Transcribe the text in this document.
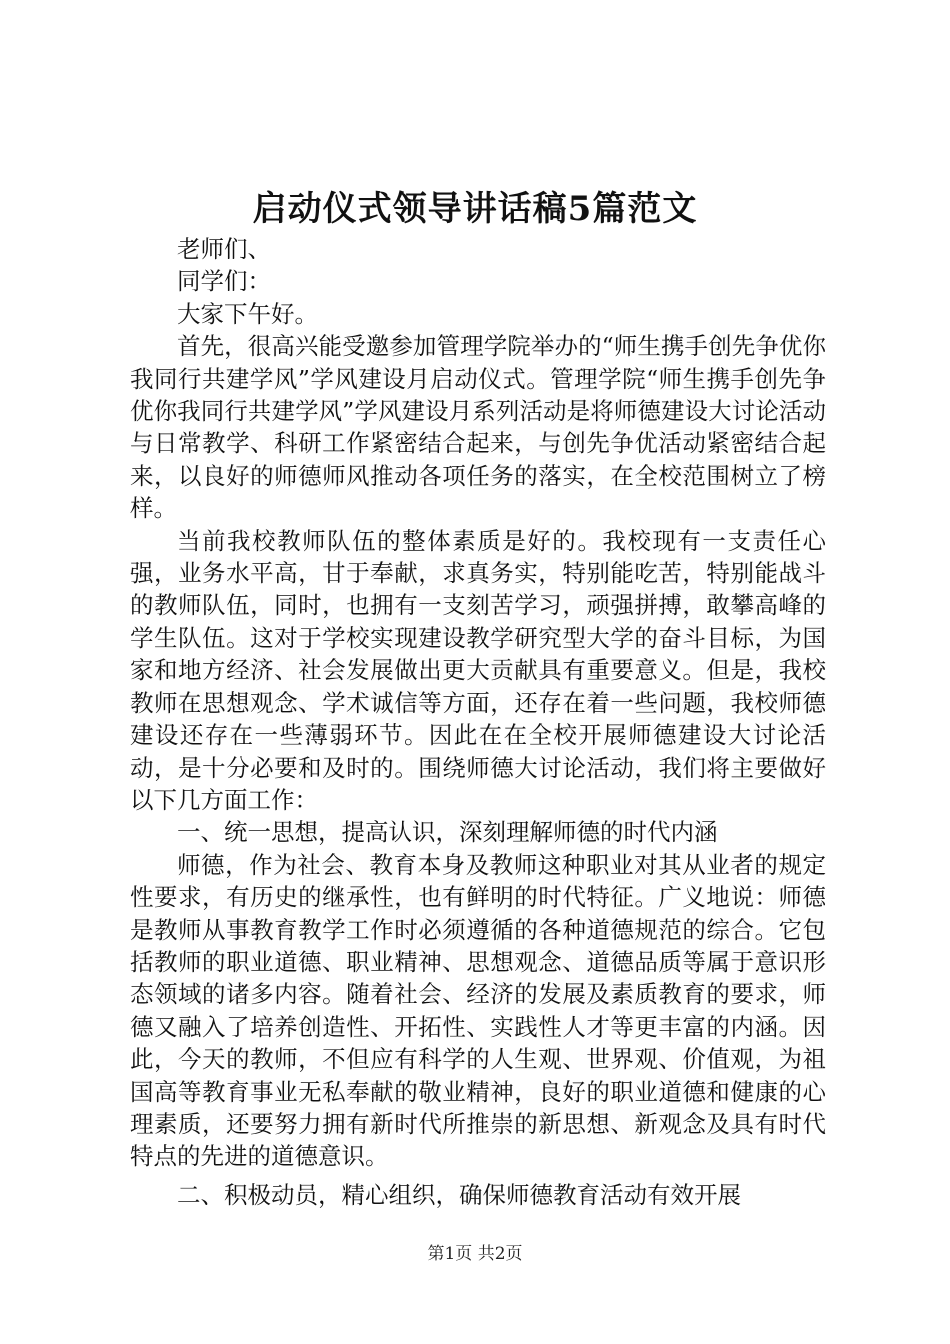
启动仪式领导讲话稿5篇范文

老师们、

同学们：

大家下午好。

首先，很高兴能受邀参加管理学院举办的“师生携手创先争优你我同行共建学风”学风建设月启动仪式。管理学院“师生携手创先争优你我同行共建学风”学风建设月系列活动是将师德建设大讨论活动与日常教学、科研工作紧密结合起来，与创先争优活动紧密结合起来，以良好的师德师风推动各项任务的落实，在全校范围树立了榜样。

当前我校教师队伍的整体素质是好的。我校现有一支责任心强，业务水平高，甘于奉献，求真务实，特别能吃苦，特别能战斗的教师队伍，同时，也拥有一支刻苦学习，顽强拼搏，敢攀高峰的学生队伍。这对于学校实现建设教学研究型大学的奋斗目标，为国家和地方经济、社会发展做出更大贡献具有重要意义。但是，我校教师在思想观念、学术诚信等方面，还存在着一些问题，我校师德建设还存在一些薄弱环节。因此在在全校开展师德建设大讨论活动，是十分必要和及时的。围绕师德大讨论活动，我们将主要做好以下几方面工作：

一、统一思想，提高认识，深刻理解师德的时代内涵

师德，作为社会、教育本身及教师这种职业对其从业者的规定性要求，有历史的继承性，也有鲜明的时代特征。广义地说：师德是教师从事教育教学工作时必须遵循的各种道德规范的综合。它包括教师的职业道德、职业精神、思想观念、道德品质等属于意识形态领域的诸多内容。随着社会、经济的发展及素质教育的要求，师德又融入了培养创造性、开拓性、实践性人才等更丰富的内涵。因此，今天的教师，不但应有科学的人生观、世界观、价值观，为祖国高等教育事业无私奉献的敬业精神，良好的职业道德和健康的心理素质，还要努力拥有新时代所推崇的新思想、新观念及具有时代特点的先进的道德意识。

二、积极动员，精心组织，确保师德教育活动有效开展

第1页 共2页
